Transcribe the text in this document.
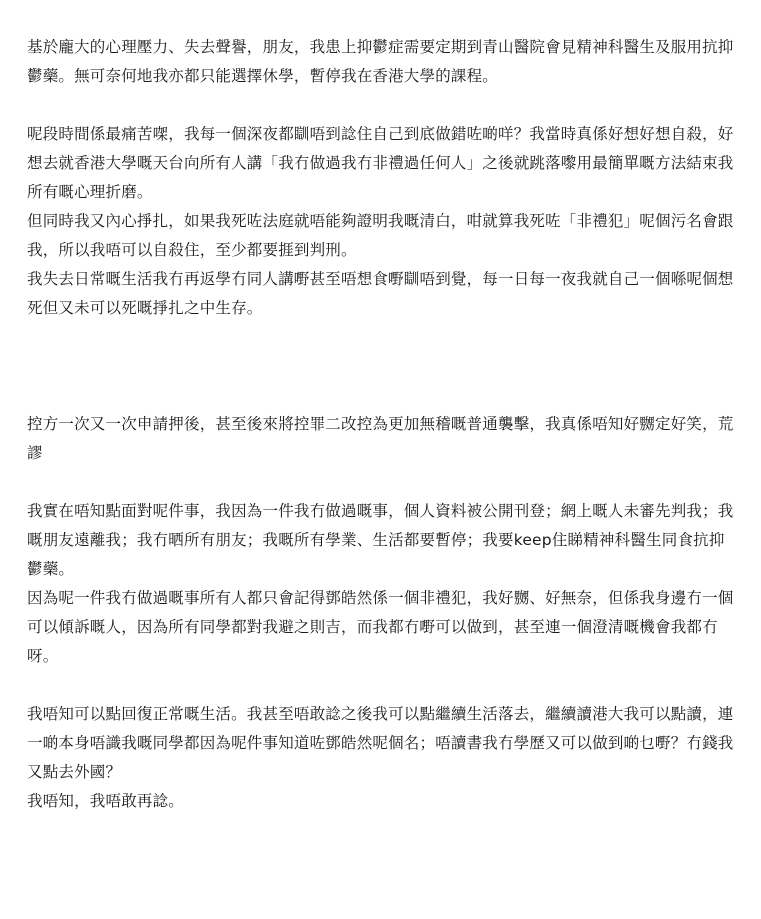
基於龐大的心理壓力、失去聲譽，朋友，我患上抑鬱症需要定期到青山醫院會見精神科醫生及服用抗抑鬱藥。無可奈何地我亦都只能選擇休學，暫停我在香港大學的課程。

呢段時間係最痛苦㗎，我每一個深夜都瞓唔到諗住自己到底做錯咗啲咩？我當時真係好想好想自殺，好想去就香港大學嘅天台向所有人講「我冇做過我冇非禮過任何人」之後就跳落嚟用最簡單嘅方法結束我所有嘅心理折磨。

但同時我又內心掙扎，如果我死咗法庭就唔能夠證明我嘅清白，咁就算我死咗「非禮犯」呢個污名會跟我，所以我唔可以自殺住，至少都要捱到判刑。

我失去日常嘅生活我冇再返學冇同人講嘢甚至唔想食嘢瞓唔到覺，每一日每一夜我就自己一個喺呢個想死但又未可以死嘅掙扎之中生存。

控方一次又一次申請押後，甚至後來將控罪二改控為更加無稽嘅普通襲擊，我真係唔知好嬲定好笑，荒謬

我實在唔知點面對呢件事，我因為一件我冇做過嘅事，個人資料被公開刊登；網上嘅人未審先判我；我嘅朋友遠離我；我冇晒所有朋友；我嘅所有學業、生活都要暫停；我要keep住睇精神科醫生同食抗抑鬱藥。

因為呢一件我冇做過嘅事所有人都只會記得鄧皓然係一個非禮犯，我好嬲、好無奈，但係我身邊冇一個可以傾訴嘅人，因為所有同學都對我避之則吉，而我都冇嘢可以做到，甚至連一個澄清嘅機會我都冇呀。

我唔知可以點回復正常嘅生活。我甚至唔敢諗之後我可以點繼續生活落去，繼續讀港大我可以點讀，連一啲本身唔識我嘅同學都因為呢件事知道咗鄧皓然呢個名；唔讀書我冇學歷又可以做到啲乜嘢？冇錢我又點去外國？

我唔知，我唔敢再諗。
